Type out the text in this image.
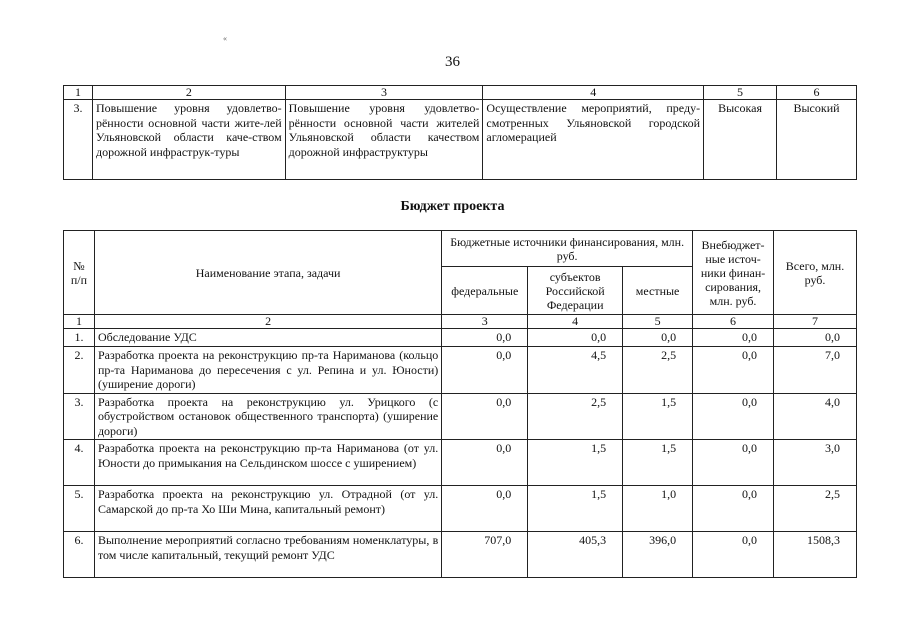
«
36
1	2	3	4	5	6
3.	Повышение уровня удовлетво-рённости основной части жите-лей Ульяновской области каче-ством дорожной инфраструк-туры	Повышение уровня удовлетво-рённости основной части жителей Ульяновской области качеством дорожной инфраструктуры	Осуществление мероприятий, преду-смотренных Ульяновской городской агломерацией	Высокая	Высокий
Бюджет проекта
№ п/п	Наименование этапа, задачи	Бюджетные источники финансирования, млн. руб.			Внебюджет-ные источ-ники финан-сирования, млн. руб.	Всего, млн. руб.
		федеральные	субъектов Российской Федерации	местные		
1	2	3	4	5	6	7
1.	Обследование УДС	0,0	0,0	0,0	0,0	0,0
2.	Разработка проекта на реконструкцию пр-та Нариманова (кольцо пр-та Нариманова до пересечения с ул. Репина и ул. Юности) (уширение дороги)	0,0	4,5	2,5	0,0	7,0
3.	Разработка проекта на реконструкцию ул. Урицкого (с обустройством остановок общественного транспорта) (уширение дороги)	0,0	2,5	1,5	0,0	4,0
4.	Разработка проекта на реконструкцию пр-та Нариманова (от ул. Юности до примыкания на Сельдинском шоссе с уширением)	0,0	1,5	1,5	0,0	3,0
5.	Разработка проекта на реконструкцию ул. Отрадной (от ул. Самарской до пр-та Хо Ши Мина, капитальный ремонт)	0,0	1,5	1,0	0,0	2,5
6.	Выполнение мероприятий согласно требованиям номенклатуры, в том числе капитальный, текущий ремонт УДС	707,0	405,3	396,0	0,0	1508,3
